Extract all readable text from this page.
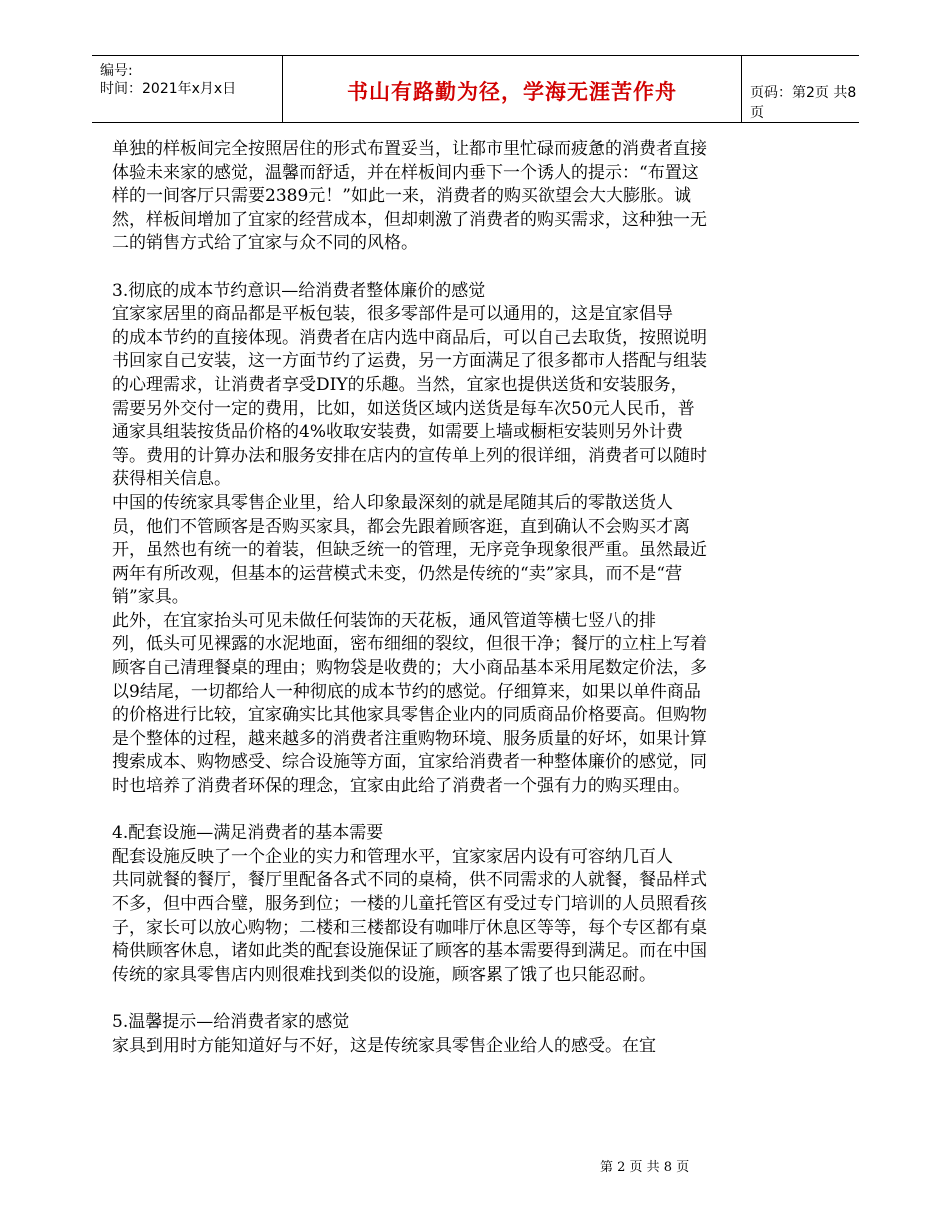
编号:
时间：2021年x月x日	书山有路勤为径，学海无涯苦作舟	页码：第2页 共8页
单独的样板间完全按照居住的形式布置妥当，让都市里忙碌而疲惫的消费者直接
体验未来家的感觉，温馨而舒适，并在样板间内垂下一个诱人的提示：“布置这
样的一间客厅只需要2389元！”如此一来，消费者的购买欲望会大大膨胀。诚
然，样板间增加了宜家的经营成本，但却刺激了消费者的购买需求，这种独一无
二的销售方式给了宜家与众不同的风格。
3.彻底的成本节约意识—给消费者整体廉价的感觉
宜家家居里的商品都是平板包装，很多零部件是可以通用的，这是宜家倡导
的成本节约的直接体现。消费者在店内选中商品后，可以自己去取货，按照说明
书回家自己安装，这一方面节约了运费，另一方面满足了很多都市人搭配与组装
的心理需求，让消费者享受DIY的乐趣。当然，宜家也提供送货和安装服务，
需要另外交付一定的费用，比如，如送货区域内送货是每车次50元人民币，普
通家具组装按货品价格的4%收取安装费，如需要上墙或橱柜安装则另外计费
等。费用的计算办法和服务安排在店内的宣传单上列的很详细，消费者可以随时
获得相关信息。
中国的传统家具零售企业里，给人印象最深刻的就是尾随其后的零散送货人
员，他们不管顾客是否购买家具，都会先跟着顾客逛，直到确认不会购买才离
开，虽然也有统一的着装，但缺乏统一的管理，无序竞争现象很严重。虽然最近
两年有所改观，但基本的运营模式未变，仍然是传统的“卖”家具，而不是“营
销”家具。
此外，在宜家抬头可见未做任何装饰的天花板，通风管道等横七竖八的排
列，低头可见裸露的水泥地面，密布细细的裂纹，但很干净；餐厅的立柱上写着
顾客自己清理餐桌的理由；购物袋是收费的；大小商品基本采用尾数定价法，多
以9结尾，一切都给人一种彻底的成本节约的感觉。仔细算来，如果以单件商品
的价格进行比较，宜家确实比其他家具零售企业内的同质商品价格要高。但购物
是个整体的过程，越来越多的消费者注重购物环境、服务质量的好坏，如果计算
搜索成本、购物感受、综合设施等方面，宜家给消费者一种整体廉价的感觉，同
时也培养了消费者环保的理念，宜家由此给了消费者一个强有力的购买理由。
4.配套设施—满足消费者的基本需要
配套设施反映了一个企业的实力和管理水平，宜家家居内设有可容纳几百人
共同就餐的餐厅，餐厅里配备各式不同的桌椅，供不同需求的人就餐，餐品样式
不多，但中西合璧，服务到位；一楼的儿童托管区有受过专门培训的人员照看孩
子，家长可以放心购物；二楼和三楼都设有咖啡厅休息区等等，每个专区都有桌
椅供顾客休息，诸如此类的配套设施保证了顾客的基本需要得到满足。而在中国
传统的家具零售店内则很难找到类似的设施，顾客累了饿了也只能忍耐。
5.温馨提示—给消费者家的感觉
家具到用时方能知道好与不好，这是传统家具零售企业给人的感受。在宜
第 2 页 共 8 页
